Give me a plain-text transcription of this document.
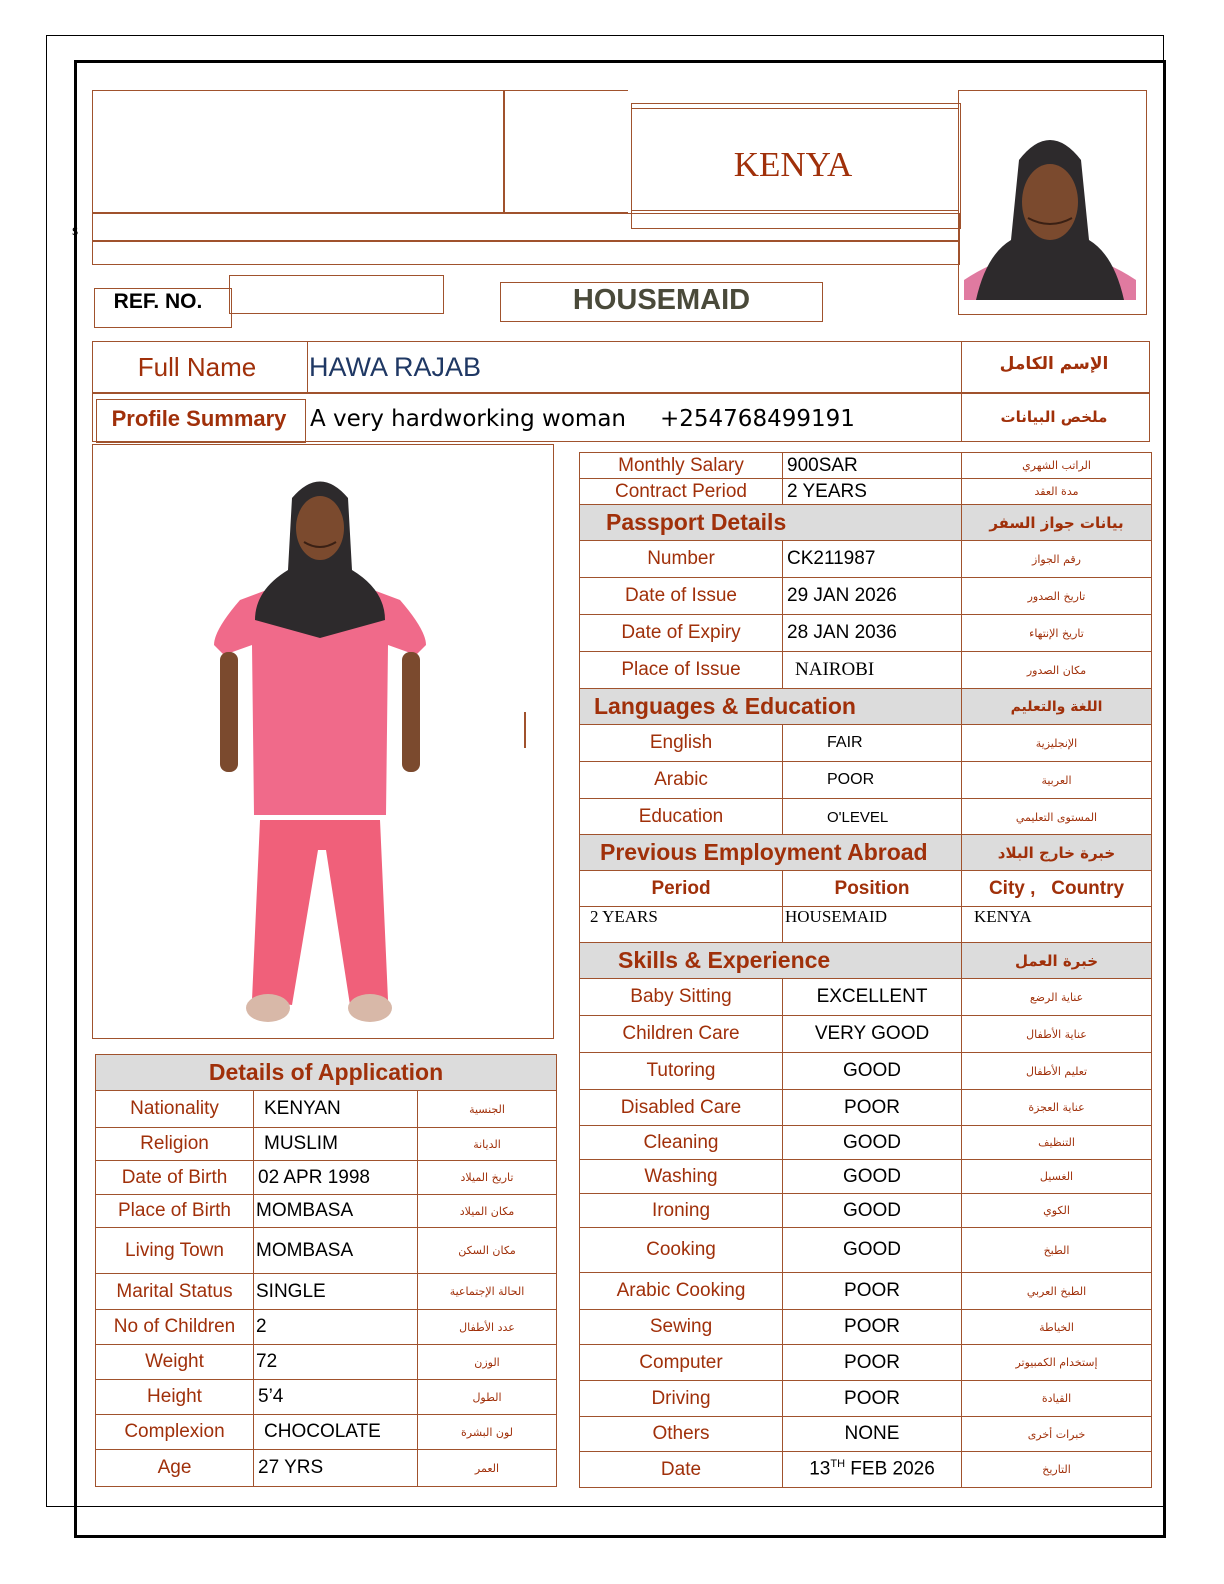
s
KENYA
REF. NO.	HOUSEMAID
Full Name	HAWA RAJAB	الإسم الكامل
Profile Summary	A very hardworking woman +254768499191	ملخص البيانات
Monthly Salary	900SAR	الراتب الشهري
Contract Period	2 YEARS	مدة العقد
Passport Details		بيانات جواز السفر
Number	CK211987	رقم الجواز
Date of Issue	29 JAN 2026	تاريخ الصدور
Date of Expiry	28 JAN 2036	تاريخ الإنتهاء
Place of Issue	NAIROBI	مكان الصدور
Languages & Education		اللغة والتعليم
English	FAIR	الإنجليزية
Arabic	POOR	العربية
Education	O'LEVEL	المستوى التعليمي
Previous Employment Abroad		خبرة خارج البلاد
Period	Position	City ,   Country
2 YEARS	HOUSEMAID	KENYA
Skills & Experience		خبرة العمل
Baby Sitting	EXCELLENT	عناية الرضع
Children Care	VERY GOOD	عناية الأطفال
Tutoring	GOOD	تعليم الأطفال
Disabled Care	POOR	عناية العجزة
Cleaning	GOOD	التنظيف
Washing	GOOD	الغسيل
Ironing	GOOD	الكوي
Cooking	GOOD	الطبخ
Arabic Cooking	POOR	الطبخ العربي
Sewing	POOR	الخياطة
Computer	POOR	إستخدام الكمبيوتر
Driving	POOR	القيادة
Others	NONE	خبرات أخرى
Date	13TH FEB 2026	التاريخ
Details of Application		
Nationality	KENYAN	الجنسية
Religion	MUSLIM	الديانة
Date of Birth	02 APR 1998	تاريخ الميلاد
Place of Birth	MOMBASA	مكان الميلاد
Living Town	MOMBASA	مكان السكن
Marital Status	SINGLE	الحالة الإجتماعية
No of Children	2	عدد الأطفال
Weight	72	الوزن
Height	5’4	الطول
Complexion	CHOCOLATE	لون البشرة
Age	27 YRS	العمر
